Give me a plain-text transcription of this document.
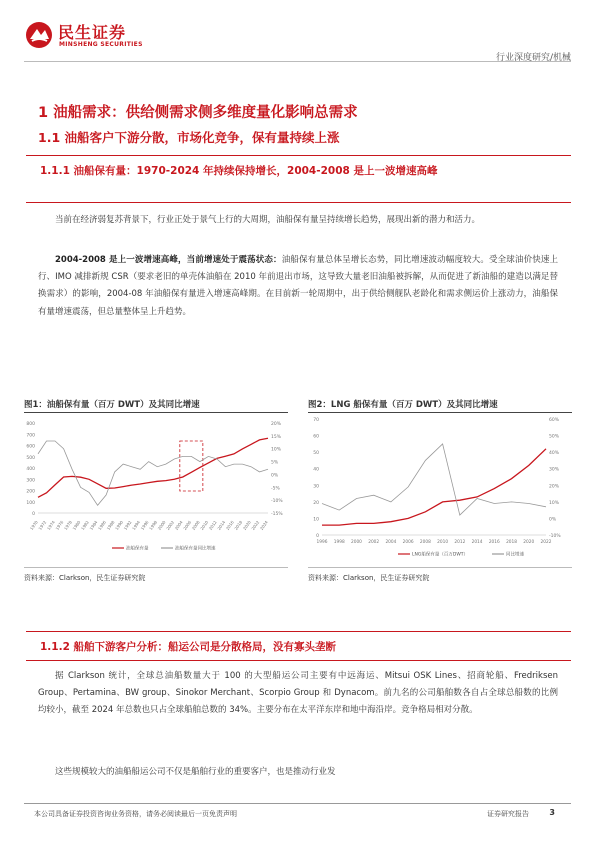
民生证券
MINSHENG SECURITIES
行业深度研究/机械
1 油船需求：供给侧需求侧多维度量化影响总需求
1.1 油船客户下游分散，市场化竞争，保有量持续上涨
1.1.1 油船保有量：1970-2024 年持续保持增长，2004-2008 是上一波增速高峰
当前在经济弱复苏背景下，行业正处于景气上行的大周期，油船保有量呈持续增长趋势，展现出新的潜力和活力。
2004-2008 是上一波增速高峰，当前增速处于震荡状态：油船保有量总体呈增长态势，同比增速波动幅度较大。受全球油价快速上行、IMO 减排新规 CSR（要求老旧的单壳体油船在 2010 年前退出市场，这导致大量老旧油船被拆解，从而促进了新油船的建造以满足替换需求）的影响，2004-08 年油船保有量进入增速高峰期。在目前新一轮周期中，出于供给侧舰队老龄化和需求侧运价上涨动力，油船保有量增速震荡，但总量整体呈上升趋势。
图1：油船保有量（百万 DWT）及其同比增速
0
100
200
300
400
500
600
700
800
-15%
-10%
-5%
0%
5%
10%
15%
20%
1970
1972
1974
1976
1978
1980
1982
1984
1986
1988
1990
1992
1994
1996
1998
2000
2002
2004
2006
2008
2010
2012
2014
2016
2018
2020
2022
2024
油船保有量	油船保有量同比增速
资料来源：Clarkson，民生证券研究院
图2：LNG 船保有量（百万 DWT）及其同比增速
0
10
20
30
40
50
60
70
-10%
0%
10%
20%
30%
40%
50%
60%
1996 1998 2000 2002 2004 2006 2008 2010 2012 2014 2016 2018 2020 2022
LNG船保有量（百万DWT）	同比增速
资料来源：Clarkson，民生证券研究院
1.1.2 船舶下游客户分析：船运公司是分散格局，没有寡头垄断
据 Clarkson 统计，全球总油船数量大于 100 的大型船运公司主要有中远海运、Mitsui OSK Lines、招商轮船、Fredriksen Group、Pertamina、BW group、Sinokor Merchant、Scorpio Group 和 Dynacom。前九名的公司船舶数各自占全球总船数的比例均较小，截至 2024 年总数也只占全球船舶总数的 34%。主要分布在太平洋东岸和地中海沿岸。竞争格局相对分散。
这些规模较大的油船船运公司不仅是船舶行业的重要客户，也是推动行业发
本公司具备证券投资咨询业务资格，请务必阅读最后一页免责声明	证券研究报告	3
